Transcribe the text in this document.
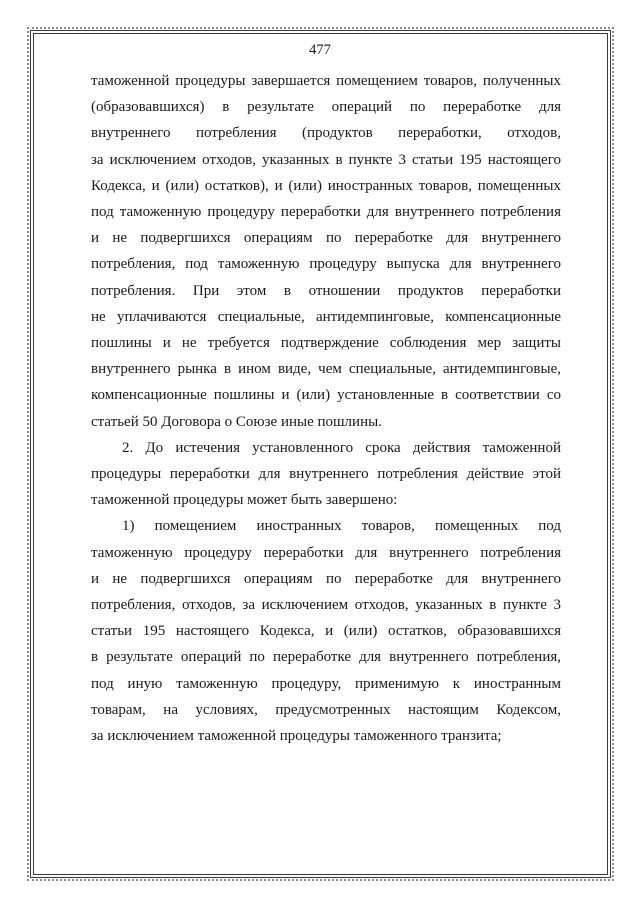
477
таможенной процедуры завершается помещением товаров, полученных
(образовавшихся) в результате операций по переработке для
внутреннего потребления (продуктов переработки, отходов,
за исключением отходов, указанных в пункте 3 статьи 195 настоящего
Кодекса, и (или) остатков), и (или) иностранных товаров, помещенных
под таможенную процедуру переработки для внутреннего потребления
и не подвергшихся операциям по переработке для внутреннего
потребления, под таможенную процедуру выпуска для внутреннего
потребления. При этом в отношении продуктов переработки
не уплачиваются специальные, антидемпинговые, компенсационные
пошлины и не требуется подтверждение соблюдения мер защиты
внутреннего рынка в ином виде, чем специальные, антидемпинговые,
компенсационные пошлины и (или) установленные в соответствии со
статьей 50 Договора о Союзе иные пошлины.
2. До истечения установленного срока действия таможенной
процедуры переработки для внутреннего потребления действие этой
таможенной процедуры может быть завершено:
1) помещением иностранных товаров, помещенных под
таможенную процедуру переработки для внутреннего потребления
и не подвергшихся операциям по переработке для внутреннего
потребления, отходов, за исключением отходов, указанных в пункте 3
статьи 195 настоящего Кодекса, и (или) остатков, образовавшихся
в результате операций по переработке для внутреннего потребления,
под иную таможенную процедуру, применимую к иностранным
товарам, на условиях, предусмотренных настоящим Кодексом,
за исключением таможенной процедуры таможенного транзита;
